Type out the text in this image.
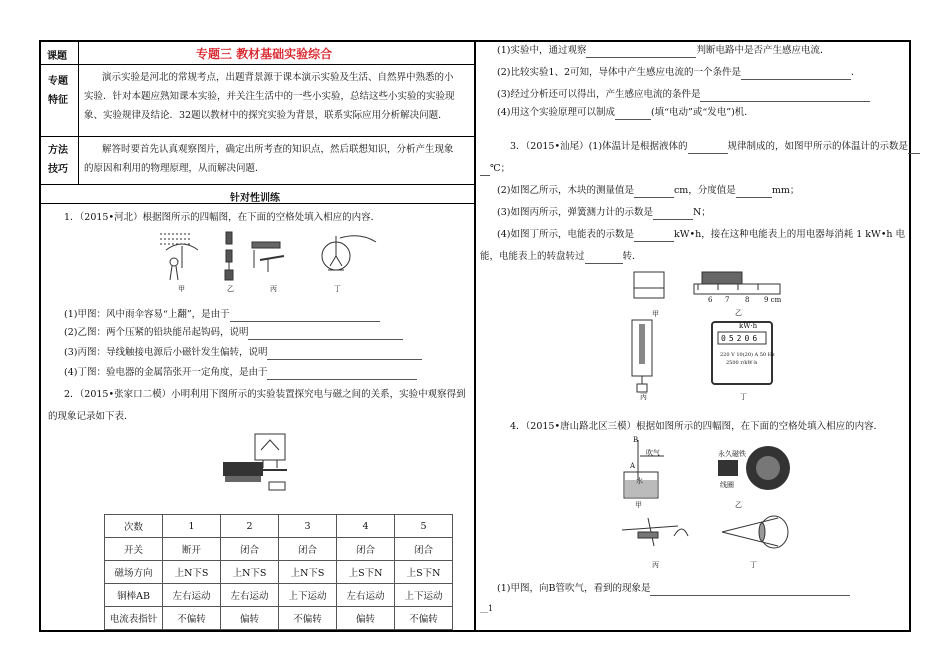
课题	专题三 教材基础实验综合
专题特征
演示实验是河北的常规考点，出题背景源于课本演示实验及生活、自然界中熟悉的小
实验．针对本题应熟知课本实验，并关注生活中的一些小实验，总结这些小实验的实验现
象、实验规律及结论．32题以教材中的探究实验为背景，联系实际应用分析解决问题．
方法技巧
解答时要首先认真观察图片，确定出所考查的知识点，然后联想知识，分析产生现象
的原因和利用的物理原理，从而解决问题．
针对性训练
1．（2015•河北）根据图所示的四幅图，在下面的空格处填入相应的内容．
甲	乙	丙	丁
(1)甲图：风中雨伞容易“上翻”，是由于
(2)乙图：两个压紧的铅块能吊起钩码，说明
(3)丙图：导线触接电源后小磁针发生偏转，说明
(4)丁图：验电器的金属箔张开一定角度，是由于
2．（2015•张家口二模）小明利用下图所示的实验装置探究电与磁之间的关系，实验中观察得到
的现象记录如下表．
次数	1	2	3	4	5
开关	断开	闭合	闭合	闭合	闭合
磁场方向	上N下S	上N下S	上N下S	上S下N	上S下N
铜棒AB	左右运动	左右运动	上下运动	左右运动	上下运动
电流表指针	不偏转	偏转	不偏转	偏转	不偏转
(1)实验中，通过观察	判断电路中是否产生感应电流．
(2)比较实验1、2可知，导体中产生感应电流的一个条件是	．
(3)经过分析还可以得出，产生感应电流的条件是
(4)用这个实验原理可以制成	(填“电动”或“发电”)机．
3．（2015•汕尾）(1)体温计是根据液体的	规律制成的，如图甲所示的体温计的示数是
℃；
(2)如图乙所示，木块的测量值是	cm，分度值是	mm；
(3)如图丙所示，弹簧测力计的示数是	N；
(4)如图丁所示，电能表的示数是	kW•h，接在这种电能表上的用电器每消耗 1 kW•h 电
能，电能表上的转盘转过	转．
甲
6 7 8 9 cm
乙
kW·h
05206
220 V 10(20) A 50 Hz
2500 r/kW·h
丙	丁
4．（2015•唐山路北区三模）根据如图所示的四幅图，在下面的空格处填入相应的内容．
B
A
吹气
水
永久磁铁
线圈
甲	乙
丙	丁
(1)甲图，向B管吹气，看到的现象是
__1
